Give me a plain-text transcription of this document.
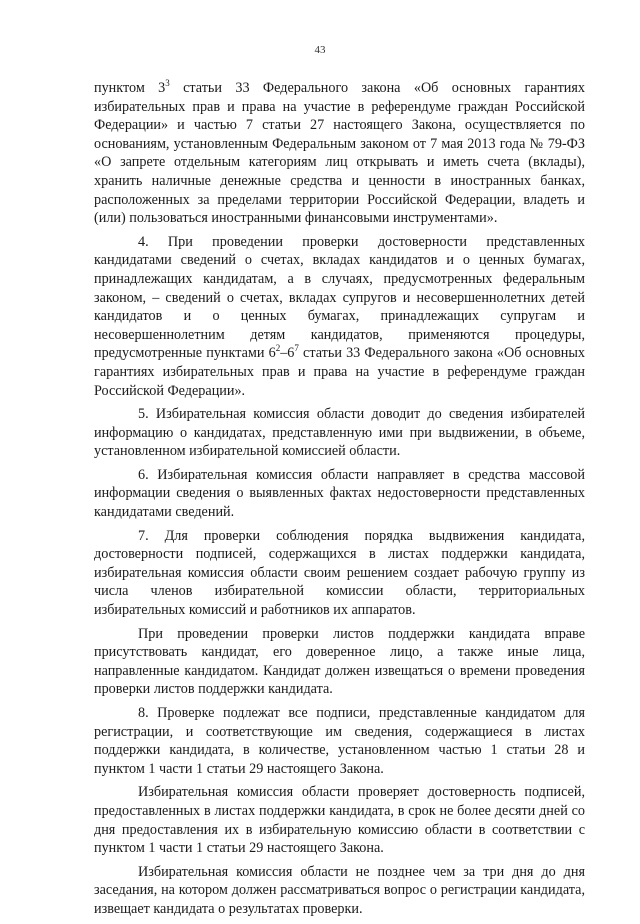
43

пунктом $3^3$ статьи 33 Федерального закона «Об основных гарантиях избирательных прав и права на участие в референдуме граждан Российской Федерации» и частью 7 статьи 27 настоящего Закона, осуществляется по основаниям, установленным Федеральным законом от 7 мая 2013 года № 79-ФЗ «О запрете отдельным категориям лиц открывать и иметь счета (вклады), хранить наличные денежные средства и ценности в иностранных банках, расположенных за пределами территории Российской Федерации, владеть и (или) пользоваться иностранными финансовыми инструментами».

4. При проведении проверки достоверности представленных кандидатами сведений о счетах, вкладах кандидатов и о ценных бумагах, принадлежащих кандидатам, а в случаях, предусмотренных федеральным законом, – сведений о счетах, вкладах супругов и несовершеннолетних детей кандидатов и о ценных бумагах, принадлежащих супругам и несовершеннолетним детям кандидатов, применяются процедуры, предусмотренные пунктами $6^2-6^7$ статьи 33 Федерального закона «Об основных гарантиях избирательных прав и права на участие в референдуме граждан Российской Федерации».

5. Избирательная комиссия области доводит до сведения избирателей информацию о кандидатах, представленную ими при выдвижении, в объеме, установленном избирательной комиссией области.

6. Избирательная комиссия области направляет в средства массовой информации сведения о выявленных фактах недостоверности представленных кандидатами сведений.

7. Для проверки соблюдения порядка выдвижения кандидата, достоверности подписей, содержащихся в листах поддержки кандидата, избирательная комиссия области своим решением создает рабочую группу из числа членов избирательной комиссии области, территориальных избирательных комиссий и работников их аппаратов.

При проведении проверки листов поддержки кандидата вправе присутствовать кандидат, его доверенное лицо, а также иные лица, направленные кандидатом. Кандидат должен извещаться о времени проведения проверки листов поддержки кандидата.

8. Проверке подлежат все подписи, представленные кандидатом для регистрации, и соответствующие им сведения, содержащиеся в листах поддержки кандидата, в количестве, установленном частью 1 статьи 28 и пунктом 1 части 1 статьи 29 настоящего Закона.

Избирательная комиссия области проверяет достоверность подписей, предоставленных в листах поддержки кандидата, в срок не более десяти дней со дня предоставления их в избирательную комиссию области в соответствии с пунктом 1 части 1 статьи 29 настоящего Закона.

Избирательная комиссия области не позднее чем за три дня до дня заседания, на котором должен рассматриваться вопрос о регистрации кандидата, извещает кандидата о результатах проверки.
